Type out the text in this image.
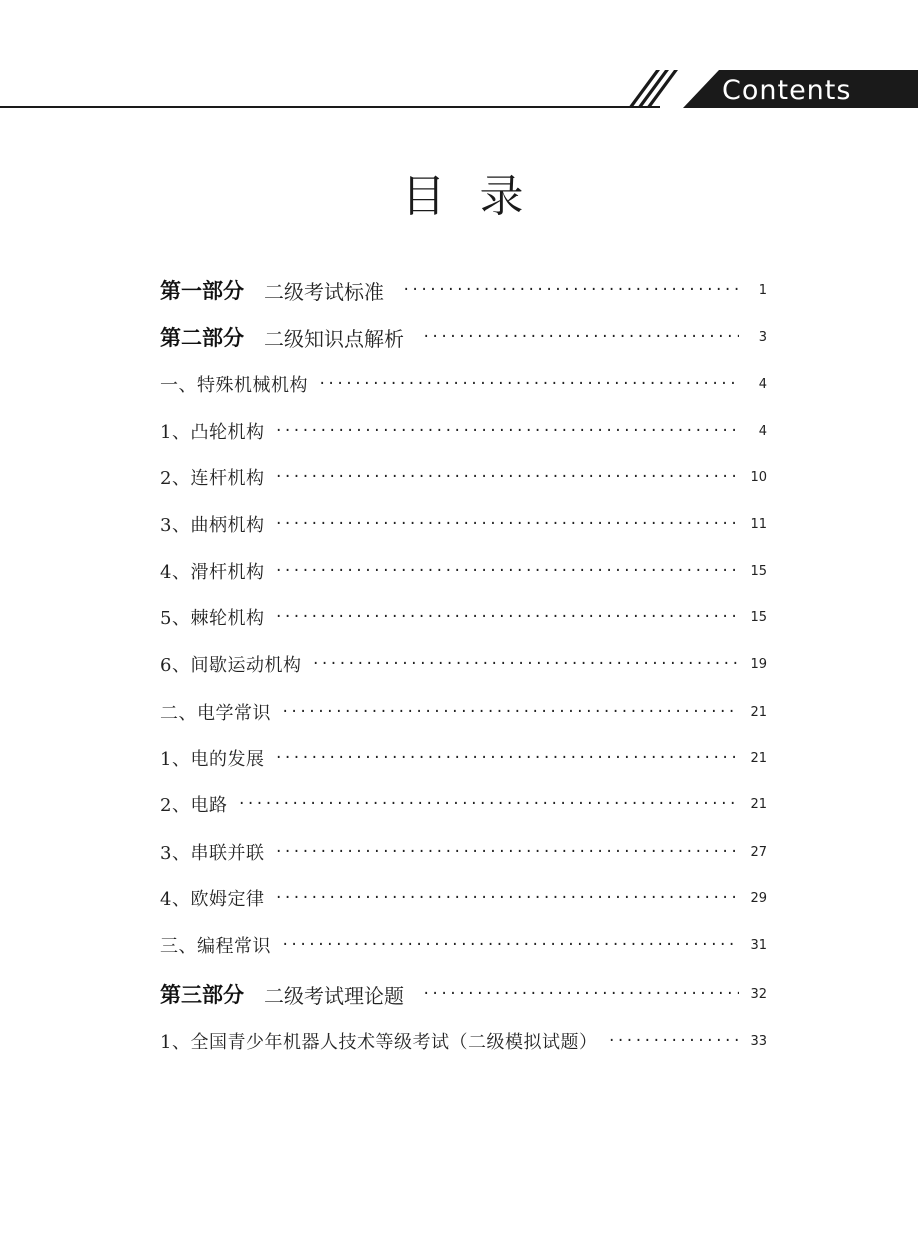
Contents
目 录
第一部分 二级考试标准 ·····	1
第二部分 二级知识点解析 ·····	3
一、特殊机械机构 ·····	4
1、凸轮机构 ·····	4
2、连杆机构 ·····	10
3、曲柄机构 ·····	11
4、滑杆机构 ·····	15
5、棘轮机构 ·····	15
6、间歇运动机构 ·····	19
二、电学常识 ·····	21
1、电的发展 ·····	21
2、电路 ·····	21
3、串联并联 ·····	27
4、欧姆定律 ·····	29
三、编程常识 ·····	31
第三部分 二级考试理论题 ·····	32
1、全国青少年机器人技术等级考试（二级模拟试题） ·····	33
